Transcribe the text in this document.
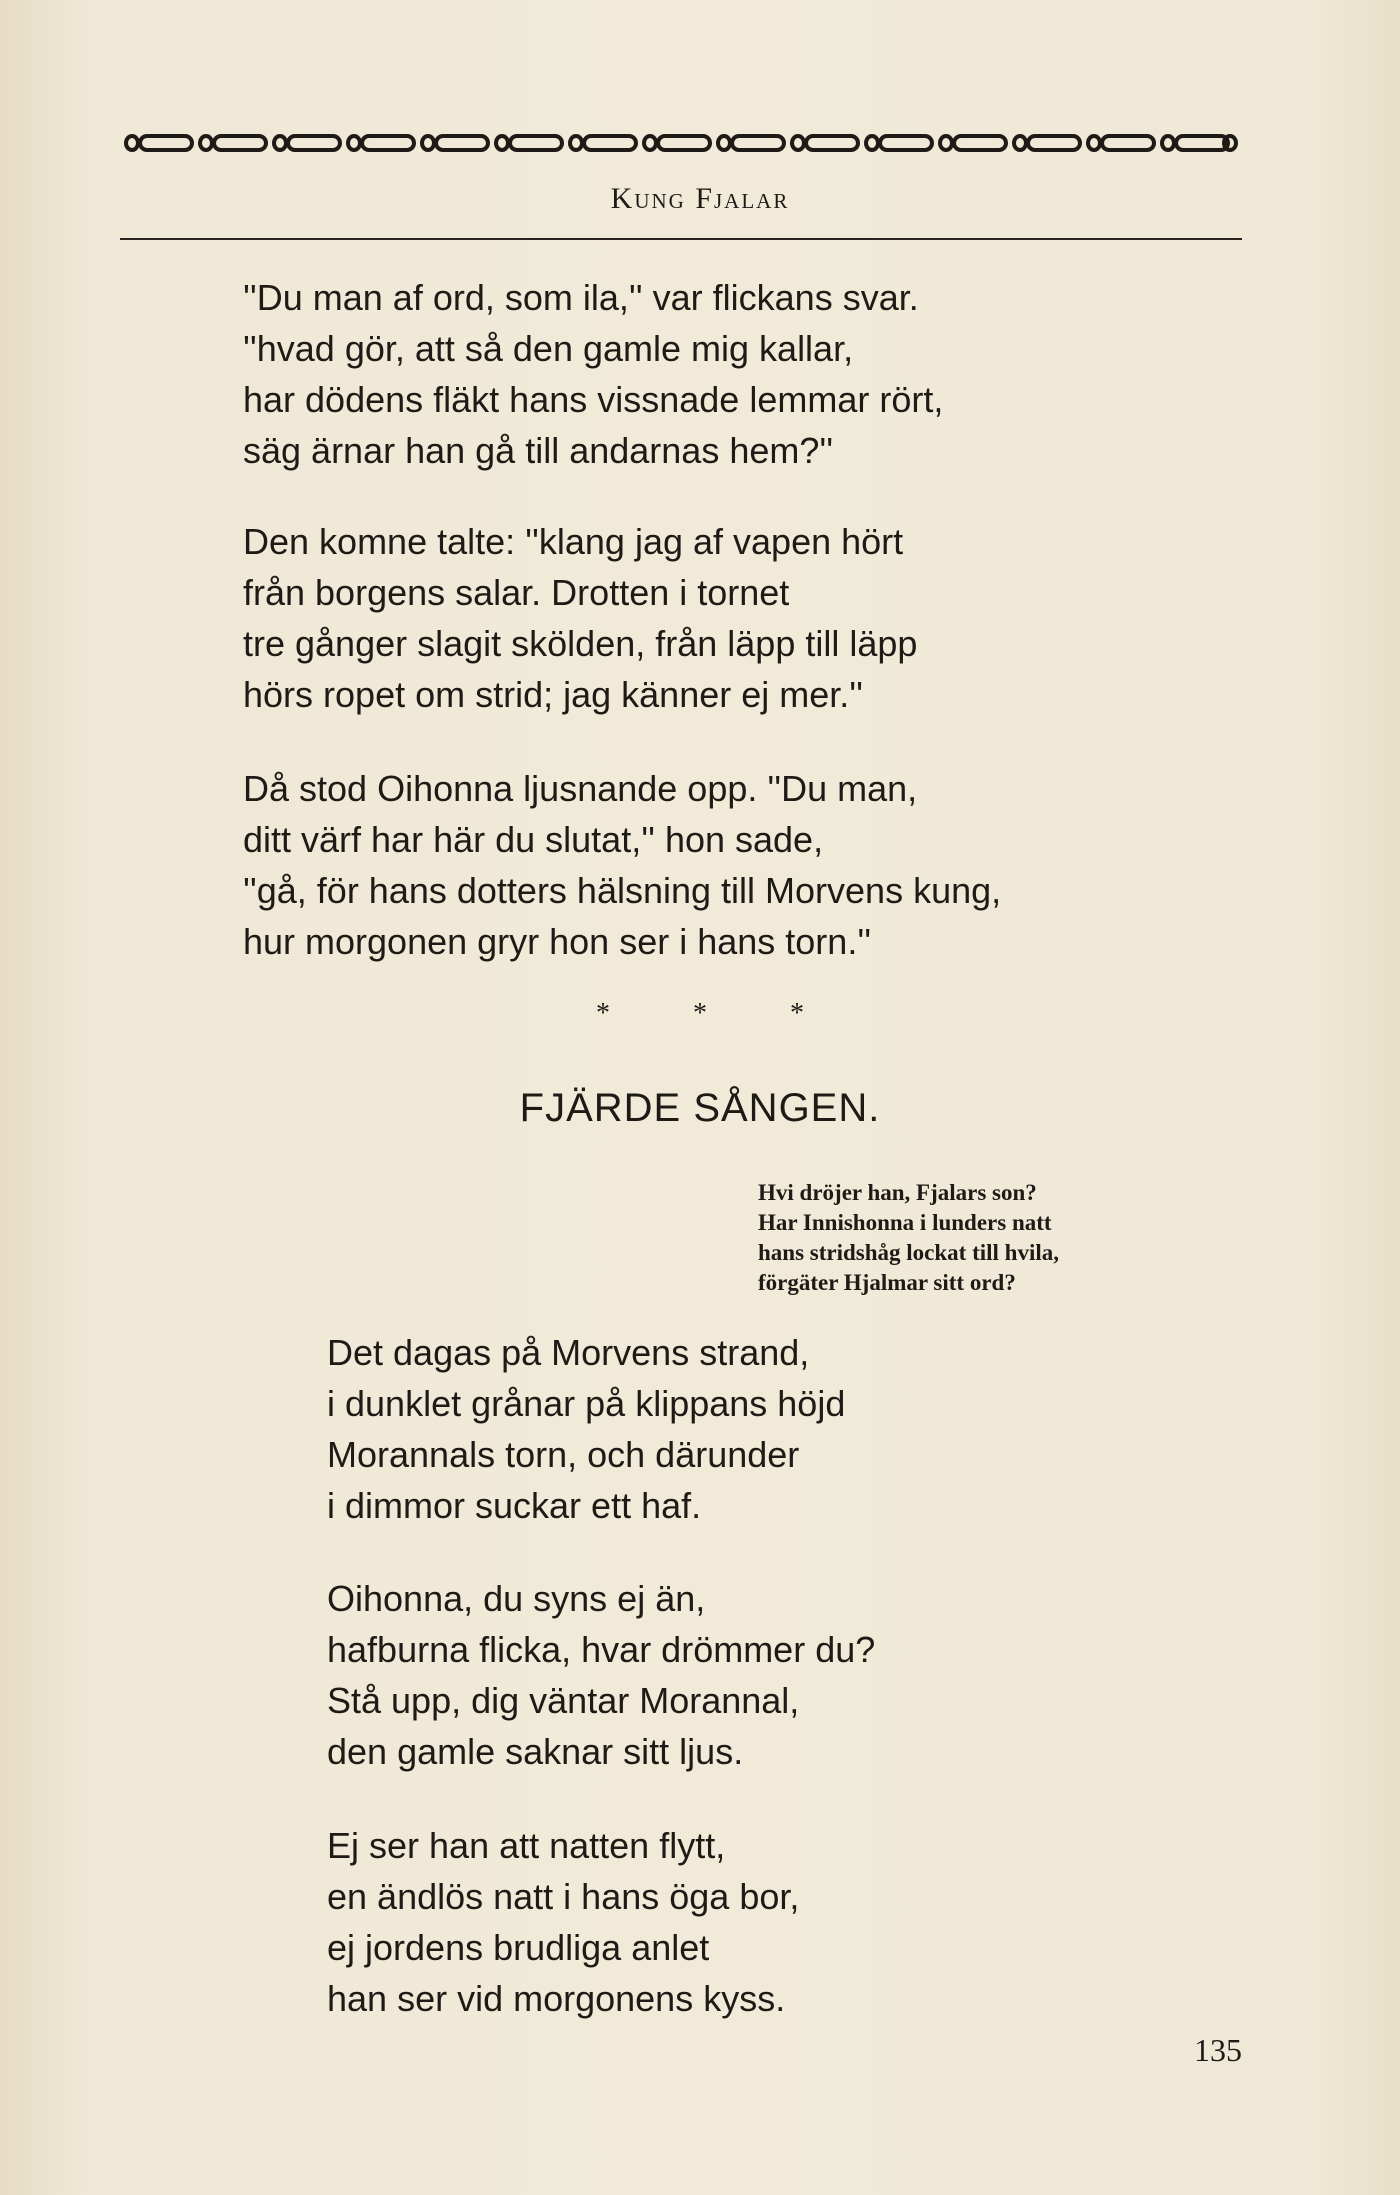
Kung Fjalar
''Du man af ord, som ila,'' var flickans svar.
''hvad gör, att så den gamle mig kallar,
har dödens fläkt hans vissnade lemmar rört,
säg ärnar han gå till andarnas hem?''
Den komne talte: ''klang jag af vapen hört
från borgens salar. Drotten i tornet
tre gånger slagit skölden, från läpp till läpp
hörs ropet om strid; jag känner ej mer.''
Då stod Oihonna ljusnande opp. ''Du man,
ditt värf har här du slutat,'' hon sade,
''gå, för hans dotters hälsning till Morvens kung,
hur morgonen gryr hon ser i hans torn.''
* * *
FJÄRDE SÅNGEN.
Hvi dröjer han, Fjalars son?
Har Innishonna i lunders natt
hans stridshåg lockat till hvila,
förgäter Hjalmar sitt ord?
Det dagas på Morvens strand,
i dunklet grånar på klippans höjd
Morannals torn, och därunder
i dimmor suckar ett haf.
Oihonna, du syns ej än,
hafburna flicka, hvar drömmer du?
Stå upp, dig väntar Morannal,
den gamle saknar sitt ljus.
Ej ser han att natten flytt,
en ändlös natt i hans öga bor,
ej jordens brudliga anlet
han ser vid morgonens kyss.
135
